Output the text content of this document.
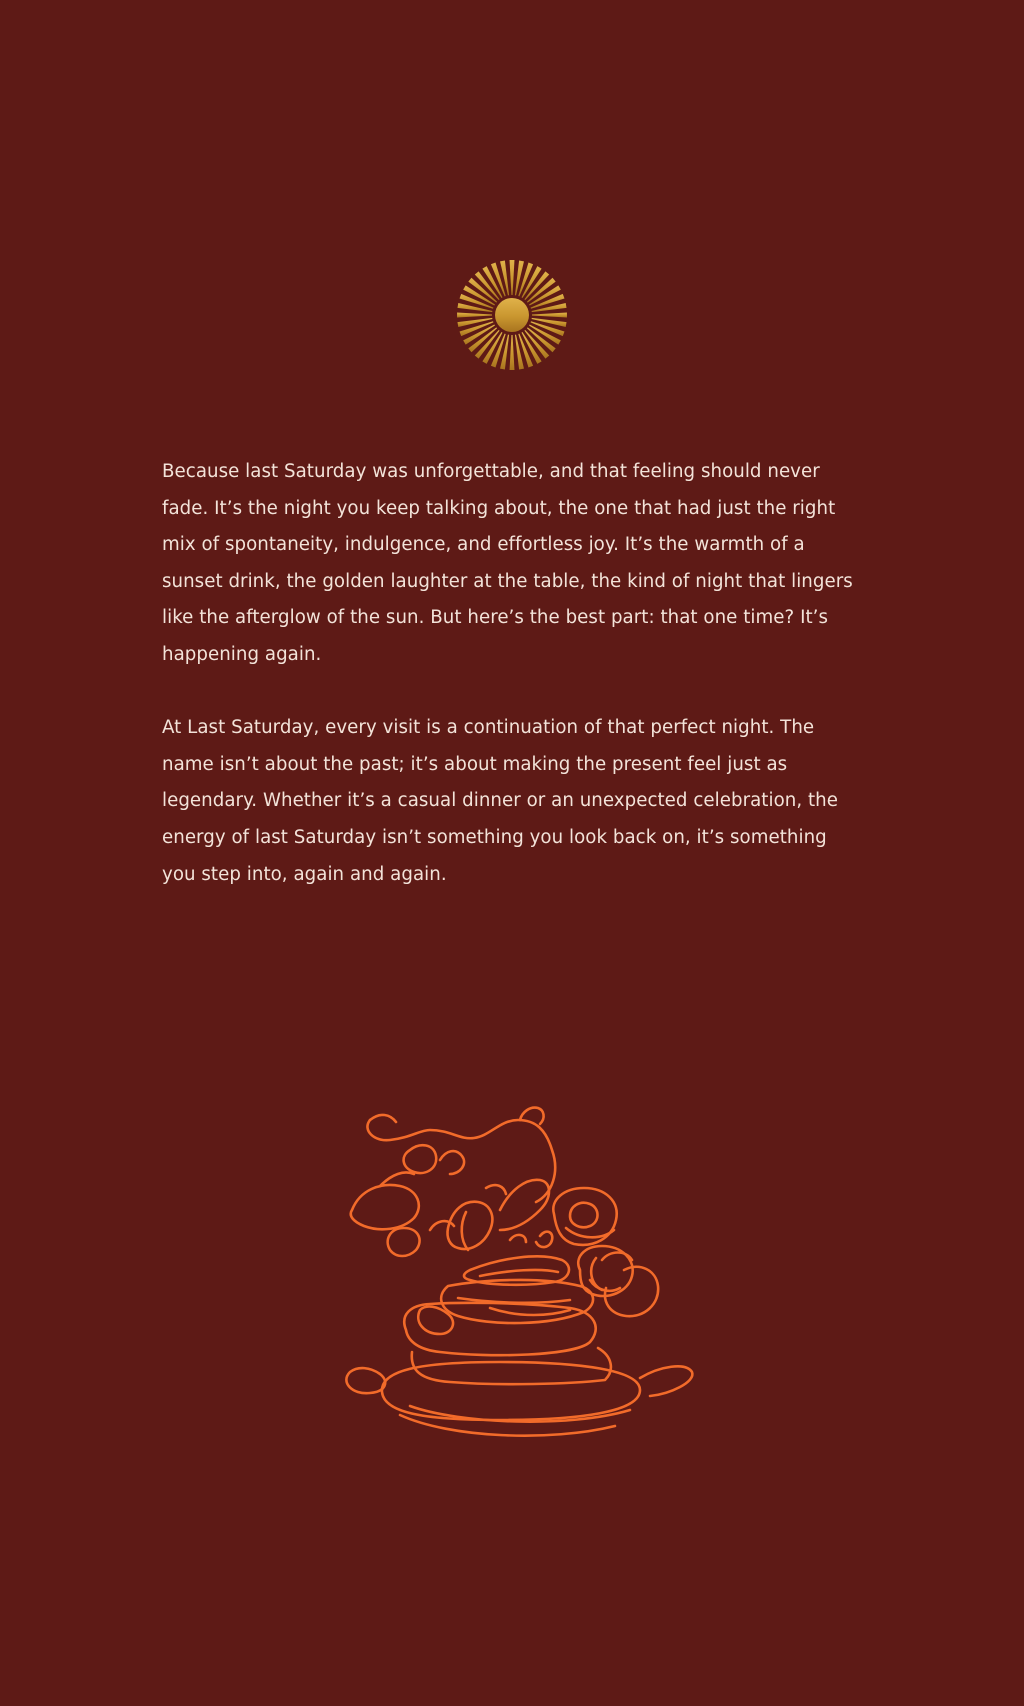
Because last Saturday was unforgettable, and that feeling should never fade. It’s the night you keep talking about, the one that had just the right mix of spontaneity, indulgence, and effortless joy. It’s the warmth of a sunset drink, the golden laughter at the table, the kind of night that lingers like the afterglow of the sun. But here’s the best part: that one time? It’s happening again.

At Last Saturday, every visit is a continuation of that perfect night. The name isn’t about the past; it’s about making the present feel just as legendary. Whether it’s a casual dinner or an unexpected celebration, the energy of last Saturday isn’t something you look back on, it’s something you step into, again and again.
